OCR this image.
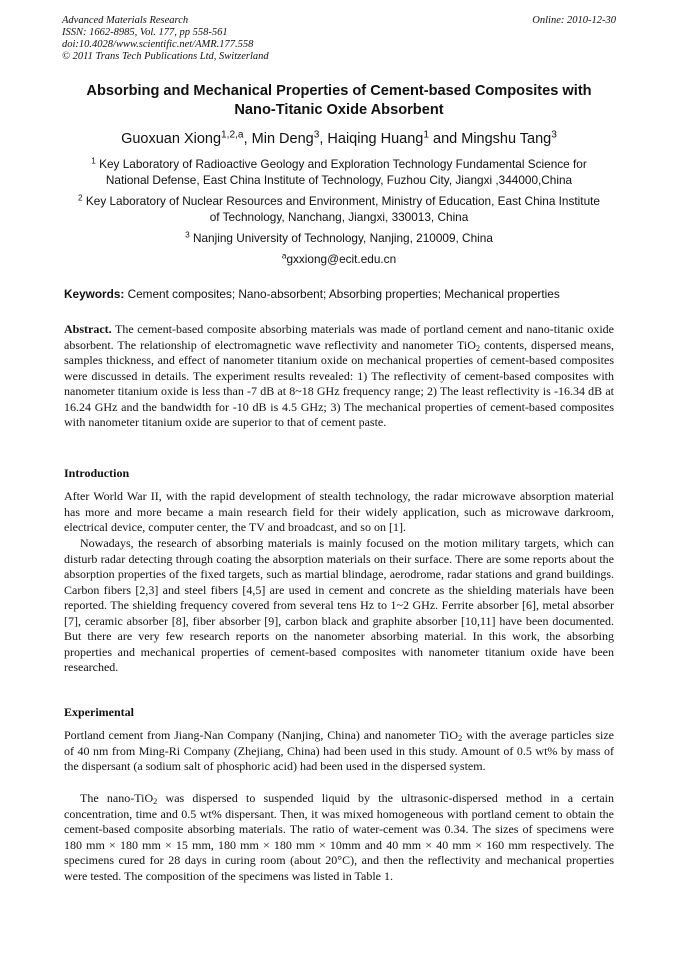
Advanced Materials Research
ISSN: 1662-8985, Vol. 177, pp 558-561
doi:10.4028/www.scientific.net/AMR.177.558
© 2011 Trans Tech Publications Ltd, Switzerland
Online: 2010-12-30
Absorbing and Mechanical Properties of Cement-based Composites with
Nano-Titanic Oxide Absorbent
Guoxuan Xiong$^{1,2,a}$, Min Deng$^3$, Haiqing Huang$^1$ and Mingshu Tang$^3$
$^1$ Key Laboratory of Radioactive Geology and Exploration Technology Fundamental Science for
National Defense, East China Institute of Technology, Fuzhou City, Jiangxi ,344000,China
$^2$ Key Laboratory of Nuclear Resources and Environment, Ministry of Education, East China Institute
of Technology, Nanchang, Jiangxi, 330013, China
$^3$ Nanjing University of Technology, Nanjing, 210009, China
$^a$gxxiong@ecit.edu.cn
Keywords: Cement composites; Nano-absorbent; Absorbing properties; Mechanical properties
Abstract. The cement-based composite absorbing materials was made of portland cement and nano-titanic oxide absorbent. The relationship of electromagnetic wave reflectivity and nanometer TiO$_2$ contents, dispersed means, samples thickness, and effect of nanometer titanium oxide on mechanical properties of cement-based composites were discussed in details. The experiment results revealed: 1) The reflectivity of cement-based composites with nanometer titanium oxide is less than -7 dB at 8~18 GHz frequency range; 2) The least reflectivity is -16.34 dB at 16.24 GHz and the bandwidth for -10 dB is 4.5 GHz; 3) The mechanical properties of cement-based composites with nanometer titanium oxide are superior to that of cement paste.
Introduction

After World War II, with the rapid development of stealth technology, the radar microwave absorption material has more and more became a main research field for their widely application, such as microwave darkroom, electrical device, computer center, the TV and broadcast, and so on [1].

Nowadays, the research of absorbing materials is mainly focused on the motion military targets, which can disturb radar detecting through coating the absorption materials on their surface. There are some reports about the absorption properties of the fixed targets, such as martial blindage, aerodrome, radar stations and grand buildings. Carbon fibers [2,3] and steel fibers [4,5] are used in cement and concrete as the shielding materials have been reported. The shielding frequency covered from several tens Hz to 1~2 GHz. Ferrite absorber [6], metal absorber [7], ceramic absorber [8], fiber absorber [9], carbon black and graphite absorber [10,11] have been documented. But there are very few research reports on the nanometer absorbing material. In this work, the absorbing properties and mechanical properties of cement-based composites with nanometer titanium oxide have been researched.

Experimental

Portland cement from Jiang-Nan Company (Nanjing, China) and nanometer TiO$_2$ with the average particles size of 40 nm from Ming-Ri Company (Zhejiang, China) had been used in this study. Amount of 0.5 wt% by mass of the dispersant (a sodium salt of phosphoric acid) had been used in the dispersed system.

The nano-TiO$_2$ was dispersed to suspended liquid by the ultrasonic-dispersed method in a certain concentration, time and 0.5 wt% dispersant. Then, it was mixed homogeneous with portland cement to obtain the cement-based composite absorbing materials. The ratio of water-cement was 0.34. The sizes of specimens were 180 mm × 180 mm × 15 mm, 180 mm × 180 mm × 10mm and 40 mm × 40 mm × 160 mm respectively. The specimens cured for 28 days in curing room (about 20°C), and then the reflectivity and mechanical properties were tested. The composition of the specimens was listed in Table 1.
